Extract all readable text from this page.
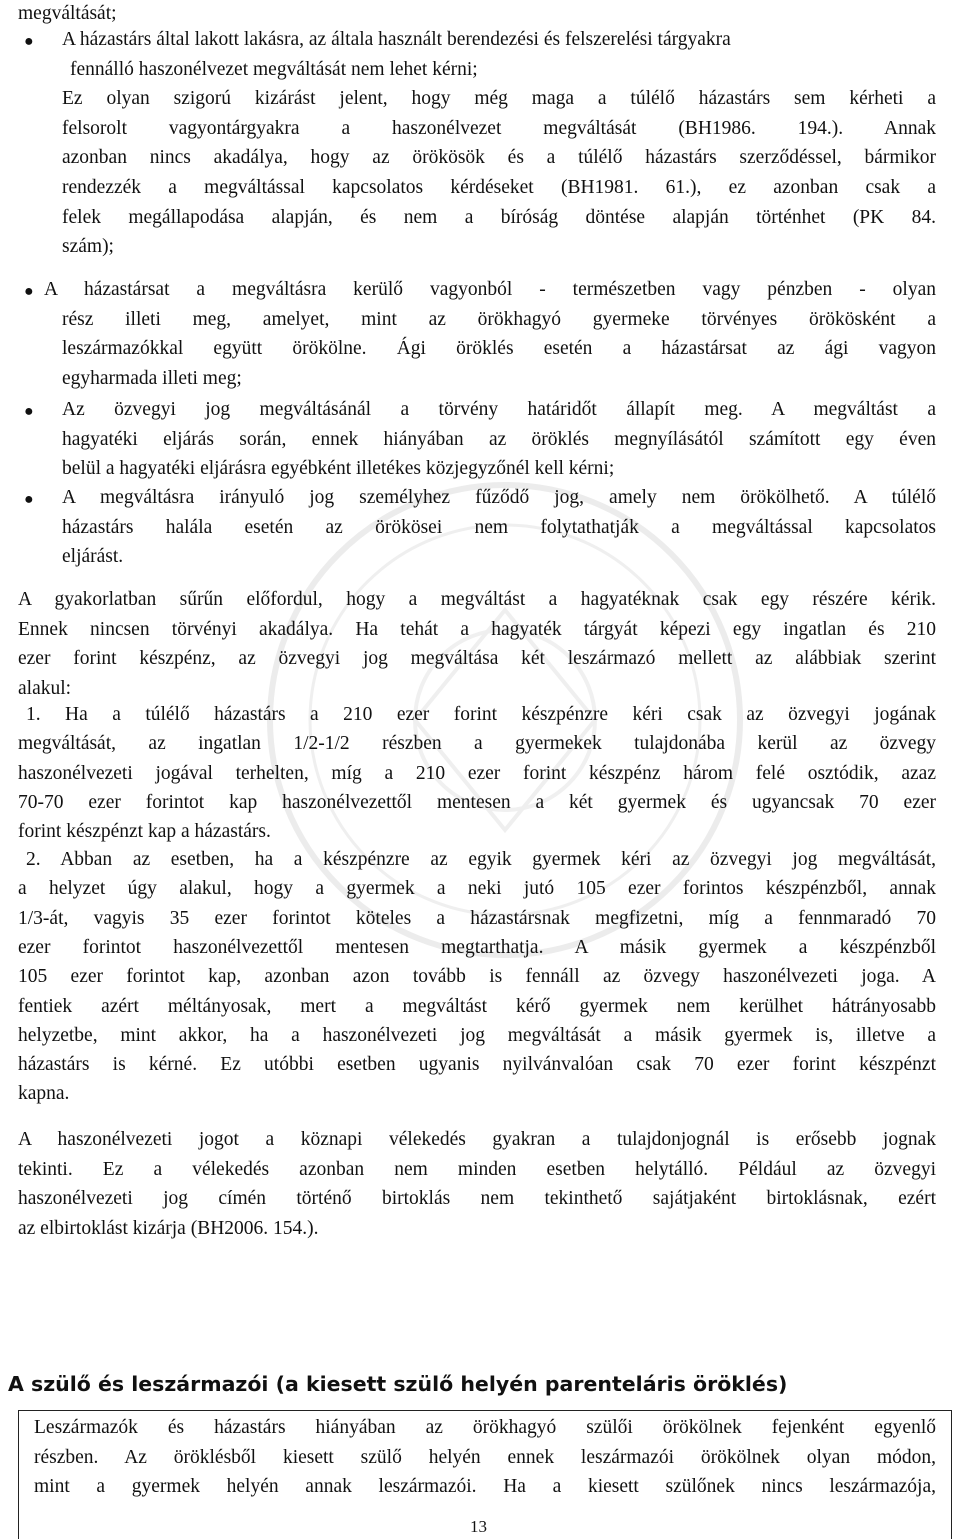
megváltását;
● A házastárs által lakott lakásra, az általa használt berendezési és felszerelési tárgyakra
fennálló haszonélvezet megváltását nem lehet kérni;
Ez olyan szigorú kizárást jelent, hogy még maga a túlélő házastárs sem kérheti a
felsorolt vagyontárgyakra a haszonélvezet megváltását (BH1986. 194.). Annak
azonban nincs akadálya, hogy az örökösök és a túlélő házastárs szerződéssel, bármikor
rendezzék a megváltással kapcsolatos kérdéseket (BH1981. 61.), ez azonban csak a
felek megállapodása alapján, és nem a bíróság döntése alapján történhet (PK 84.
szám);
● A házastársat a megváltásra kerülő vagyonból - természetben vagy pénzben - olyan
rész illeti meg, amelyet, mint az örökhagyó gyermeke törvényes örökösként a
leszármazókkal együtt örökölne. Ági öröklés esetén a házastársat az ági vagyon
egyharmada illeti meg;
● Az özvegyi jog megváltásánál a törvény határidőt állapít meg. A megváltást a
hagyatéki eljárás során, ennek hiányában az öröklés megnyílásától számított egy éven
belül a hagyatéki eljárásra egyébként illetékes közjegyzőnél kell kérni;
● A megváltásra irányuló jog személyhez fűződő jog, amely nem örökölhető. A túlélő
házastárs halála esetén az örökösei nem folytathatják a megváltással kapcsolatos
eljárást.
A gyakorlatban sűrűn előfordul, hogy a megváltást a hagyatéknak csak egy részére kérik.
Ennek nincsen törvényi akadálya. Ha tehát a hagyaték tárgyát képezi egy ingatlan és 210
ezer forint készpénz, az özvegyi jog megváltása két leszármazó mellett az alábbiak szerint
alakul:
1. Ha a túlélő házastárs a 210 ezer forint készpénzre kéri csak az özvegyi jogának
megváltását, az ingatlan 1/2-1/2 részben a gyermekek tulajdonába kerül az özvegy
haszonélvezeti jogával terhelten, míg a 210 ezer forint készpénz három felé osztódik, azaz
70-70 ezer forintot kap haszonélvezettől mentesen a két gyermek és ugyancsak 70 ezer
forint készpénzt kap a házastárs.
2. Abban az esetben, ha a készpénzre az egyik gyermek kéri az özvegyi jog megváltását,
a helyzet úgy alakul, hogy a gyermek a neki jutó 105 ezer forintos készpénzből, annak
1/3-át, vagyis 35 ezer forintot köteles a házastársnak megfizetni, míg a fennmaradó 70
ezer forintot haszonélvezettől mentesen megtarthatja. A másik gyermek a készpénzből
105 ezer forintot kap, azonban azon tovább is fennáll az özvegy haszonélvezeti joga. A
fentiek azért méltányosak, mert a megváltást kérő gyermek nem kerülhet hátrányosabb
helyzetbe, mint akkor, ha a haszonélvezeti jog megváltását a másik gyermek is, illetve a
házastárs is kérné. Ez utóbbi esetben ugyanis nyilvánvalóan csak 70 ezer forint készpénzt
kapna.
A haszonélvezeti jogot a köznapi vélekedés gyakran a tulajdonjognál is erősebb jognak
tekinti. Ez a vélekedés azonban nem minden esetben helytálló. Például az özvegyi
haszonélvezeti jog címén történő birtoklás nem tekinthető sajátjaként birtoklásnak, ezért
az elbirtoklást kizárja (BH2006. 154.).
A szülő és leszármazói (a kiesett szülő helyén parenteláris öröklés)
Leszármazók és házastárs hiányában az örökhagyó szülői örökölnek fejenként egyenlő
részben. Az öröklésből kiesett szülő helyén ennek leszármazói örökölnek olyan módon,
mint a gyermek helyén annak leszármazói. Ha a kiesett szülőnek nincs leszármazója,
13
